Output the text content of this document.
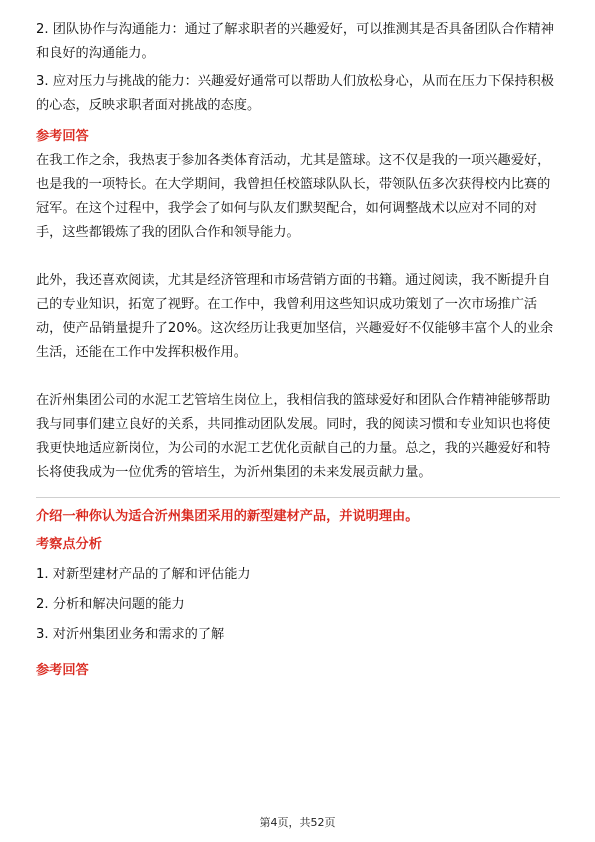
2. 团队协作与沟通能力：通过了解求职者的兴趣爱好，可以推测其是否具备团队合作精神和良好的沟通能力。

3. 应对压力与挑战的能力：兴趣爱好通常可以帮助人们放松身心，从而在压力下保持积极的心态，反映求职者面对挑战的态度。

参考回答

在我工作之余，我热衷于参加各类体育活动，尤其是篮球。这不仅是我的一项兴趣爱好，也是我的一项特长。在大学期间，我曾担任校篮球队队长，带领队伍多次获得校内比赛的冠军。在这个过程中，我学会了如何与队友们默契配合，如何调整战术以应对不同的对手，这些都锻炼了我的团队合作和领导能力。

此外，我还喜欢阅读，尤其是经济管理和市场营销方面的书籍。通过阅读，我不断提升自己的专业知识，拓宽了视野。在工作中，我曾利用这些知识成功策划了一次市场推广活动，使产品销量提升了20%。这次经历让我更加坚信，兴趣爱好不仅能够丰富个人的业余生活，还能在工作中发挥积极作用。

在沂州集团公司的水泥工艺管培生岗位上，我相信我的篮球爱好和团队合作精神能够帮助我与同事们建立良好的关系，共同推动团队发展。同时，我的阅读习惯和专业知识也将使我更快地适应新岗位，为公司的水泥工艺优化贡献自己的力量。总之，我的兴趣爱好和特长将使我成为一位优秀的管培生，为沂州集团的未来发展贡献力量。

介绍一种你认为适合沂州集团采用的新型建材产品，并说明理由。

考察点分析

1. 对新型建材产品的了解和评估能力

2. 分析和解决问题的能力

3. 对沂州集团业务和需求的了解

参考回答

第4页，共52页
